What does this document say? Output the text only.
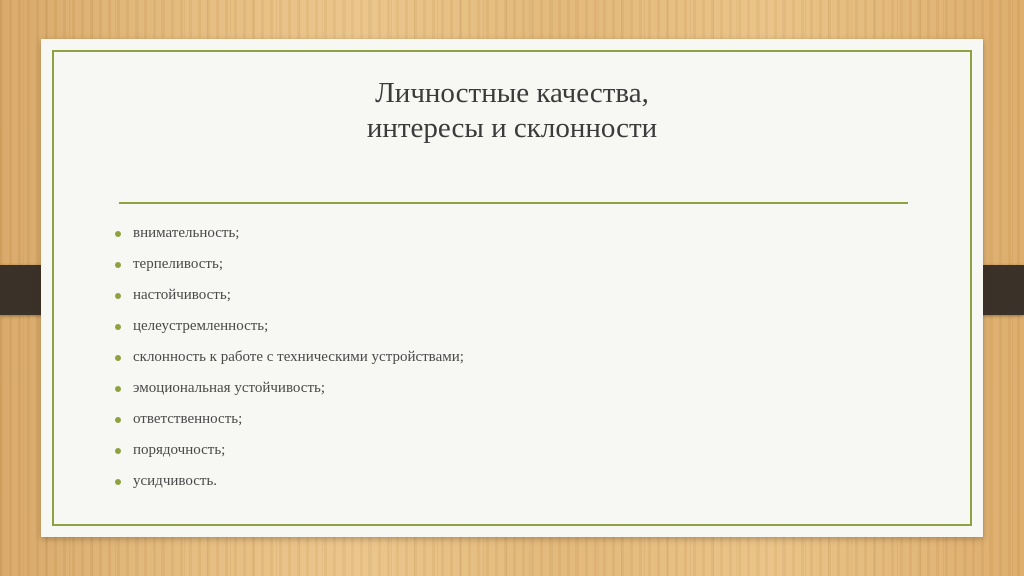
Личностные качества,
интересы и склонности
внимательность;
терпеливость;
настойчивость;
целеустремленность;
склонность к работе с техническими устройствами;
эмоциональная устойчивость;
ответственность;
порядочность;
усидчивость.
